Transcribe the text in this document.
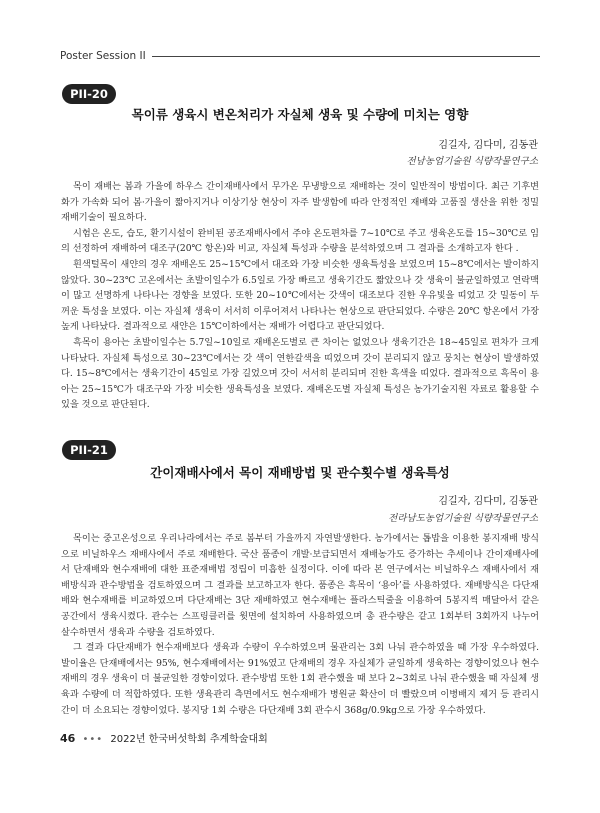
Poster Session II
PII-20
목이류 생육시 변온처리가 자실체 생육 및 수량에 미치는 영향
김길자, 김다미, 김동관
전남농업기술원 식량작물연구소

목이 재배는 봄과 가을에 하우스 간이재배사에서 무가온 무냉방으로 재배하는 것이 일반적이 방법이다. 최근 기후변화가 가속화 되어 봄·가을이 짧아지거나 이상기상 현상이 자주 발생함에 따라 안정적인 재배와 고품질 생산을 위한 정밀재배기술이 필요하다.

시험은 온도, 습도, 환기시설이 완비된 공조재배사에서 주야 온도편차를 7~10℃로 주고 생육온도를 15~30℃로 임의 선정하여 재배하여 대조구(20℃ 항온)와 비교, 자실체 특성과 수량을 분석하였으며 그 결과를 소개하고자 한다 .

흰색털목이 새얀의 경우 재배온도 25~15℃에서 대조와 가장 비슷한 생육특성을 보였으며 15~8℃에서는 발이하지 않았다. 30~23℃ 고온에서는 초발이일수가 6.5일로 가장 빠르고 생육기간도 짧았으나 갓 생육이 불균일하였고 연락맥이 많고 선명하게 나타나는 경향을 보였다. 또한 20~10℃에서는 갓색이 대조보다 진한 우유빛을 띠었고 갓 밀동이 두꺼운 특성을 보였다. 이는 자실체 생육이 서서히 이루어져서 나타나는 현상으로 판단되었다. 수량은 20℃ 항온에서 가장 높게 나타났다. 결과적으로 새얀은 15℃이하에서는 재배가 어렵다고 판단되었다.

흑목이 용아는 초발이일수는 5.7일~10일로 재배온도별로 큰 차이는 없었으나 생육기간은 18~45일로 편차가 크게 나타났다. 자실체 특성으로 30~23℃에서는 갓 색이 연한갈색을 띠었으며 갓이 분리되지 않고 뭉치는 현상이 발생하였다. 15~8℃에서는 생육기간이 45일로 가장 길었으며 갓이 서서히 분리되며 진한 흑색을 띠었다. 결과적으로 흑목이 용아는 25~15℃가 대조구와 가장 비슷한 생육특성을 보였다. 재배온도별 자실체 특성은 농가기술지원 자료로 활용할 수 있을 것으로 판단된다.

PII-21
간이재배사에서 목이 재배방법 및 관수횟수별 생육특성
김길자, 김다미, 김동관
전라남도농업기술원 식량작물연구소

목이는 중고온성으로 우리나라에서는 주로 봄부터 가을까지 자연발생한다. 농가에서는 톱밥을 이용한 봉지재배 방식으로 비닐하우스 재배사에서 주로 재배한다. 국산 품종이 개발·보급되면서 재배농가도 증가하는 추세이나 간이재배사에서 단재배와 현수재배에 대한 표준재배법 정립이 미흡한 실정이다. 이에 따라 본 연구에서는 비닐하우스 재배사에서 재배방식과 관수방법을 검토하였으며 그 결과를 보고하고자 한다. 품종은 흑목이 ‘용아’를 사용하였다. 재배방식은 다단재배와 현수재배를 비교하였으며 다단재배는 3단 재배하였고 현수재배는 플라스틱줄을 이용하여 5봉지씩 매달아서 같은 공간에서 생육시켰다. 관수는 스프링클러를 윗면에 설치하여 사용하였으며 총 관수량은 같고 1회부터 3회까지 나누어 살수하면서 생육과 수량을 검토하였다.

그 결과 다단재배가 현수재배보다 생육과 수량이 우수하였으며 물관리는 3회 나눠 관수하였을 때 가장 우수하였다. 발이율은 단재배에서는 95%, 현수재배에서는 91%였고 단재배의 경우 자실체가 균일하게 생육하는 경향이었으나 현수재배의 경우 생육이 더 불균일한 경향이었다. 관수방법 또한 1회 관수했을 때 보다 2~3회로 나눠 관수했을 때 자실체 생육과 수량에 더 적합하였다. 또한 생육관리 측면에서도 현수재배가 병원균 확산이 더 빨랐으며 이병배지 제거 등 관리시간이 더 소요되는 경향이었다. 봉지당 1회 수량은 다단재배 3회 관수시 368g/0.9kg으로 가장 우수하였다.

46 ••• 2022년 한국버섯학회 추계학술대회
